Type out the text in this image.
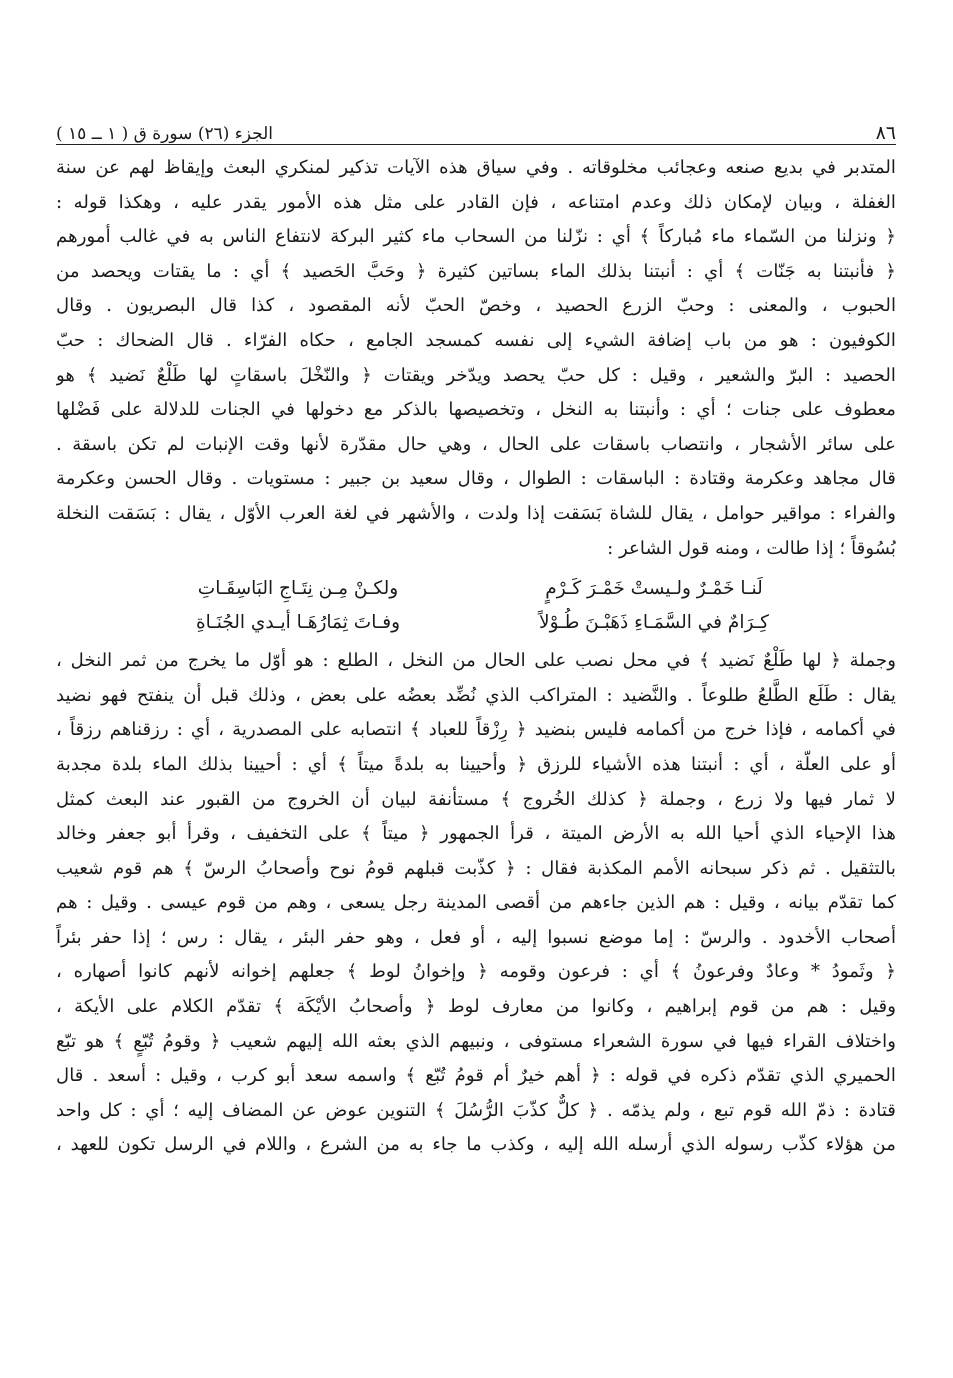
٨٦
الجزء (٢٦) سورة ق ( ١ ــ ١٥ )
المتدبر في بديع صنعه وعجائب مخلوقاته . وفي سياق هذه الآيات تذكير لمنكري البعث وإيقاظ لهم عن سنة
الغفلة ، وبيان لإمكان ذلك وعدم امتناعه ، فإن القادر على مثل هذه الأمور يقدر عليه ، وهكذا قوله :
﴿ ونزلنا من السّماء ماء مُباركاً ﴾ أي : نزّلنا من السحاب ماء كثير البركة لانتفاع الناس به في غالب أمورهم
﴿ فأنبتنا به جَنّات ﴾ أي : أنبتنا بذلك الماء بساتين كثيرة ﴿ وحَبَّ الحَصيد ﴾ أي : ما يقتات ويحصد من
الحبوب ، والمعنى : وحبّ الزرع الحصيد ، وخصّ الحبّ لأنه المقصود ، كذا قال البصريون . وقال
الكوفيون : هو من باب إضافة الشيء إلى نفسه كمسجد الجامع ، حكاه الفرّاء . قال الضحاك : حبّ
الحصيد : البرّ والشعير ، وقيل : كل حبّ يحصد ويدّخر ويقتات ﴿ والنّخْلَ باسقاتٍ لها طَلْعٌ نَضيد ﴾ هو
معطوف على جنات ؛ أي : وأنبتنا به النخل ، وتخصيصها بالذكر مع دخولها في الجنات للدلالة على فَضْلها
على سائر الأشجار ، وانتصاب باسقات على الحال ، وهي حال مقدّرة لأنها وقت الإنبات لم تكن باسقة .
قال مجاهد وعكرمة وقتادة : الباسقات : الطوال ، وقال سعيد بن جبير : مستويات . وقال الحسن وعكرمة
والفراء : مواقير حوامل ، يقال للشاة بَسَقت إذا ولدت ، والأشهر في لغة العرب الأوّل ، يقال : بَسَقت النخلة
بُسُوقاً ؛ إذا طالت ، ومنه قول الشاعر :
لَنـا خَمْـرٌ ولـيستْ خَمْـرَ كَـرْمٍ
ولكـنْ مِـن نِتَـاجِ البَاسِقَـاتِ
كِـرَامٌ في السَّمَـاءِ ذَهَبْـنَ طُـوْلاً
وفـاتَ ثِمَارُهَـا أيـدي الجُنَـاةِ
وجملة ﴿ لها طَلْعٌ نَضيد ﴾ في محل نصب على الحال من النخل ، الطلع : هو أوّل ما يخرج من ثمر النخل ،
يقال : طَلَع الطَّلعُ طلوعاً . والنَّضيد : المتراكب الذي نُضِّد بعضُه على بعض ، وذلك قبل أن ينفتح فهو نضيد
في أكمامه ، فإذا خرج من أكمامه فليس بنضيد ﴿ رِزْقاً للعباد ﴾ انتصابه على المصدرية ، أي : رزقناهم رزقاً ،
أو على العلّة ، أي : أنبتنا هذه الأشياء للرزق ﴿ وأحيينا به بلدةً ميتاً ﴾ أي : أحيينا بذلك الماء بلدة مجدبة
لا ثمار فيها ولا زرع ، وجملة ﴿ كذلك الخُروج ﴾ مستأنفة لبيان أن الخروج من القبور عند البعث كمثل
هذا الإحياء الذي أحيا الله به الأرض الميتة ، قرأ الجمهور ﴿ ميتاً ﴾ على التخفيف ، وقرأ أبو جعفر وخالد
بالتثقيل . ثم ذكر سبحانه الأمم المكذبة فقال : ﴿ كذّبت قبلهم قومُ نوح وأصحابُ الرسّ ﴾ هم قوم شعيب
كما تقدّم بيانه ، وقيل : هم الذين جاءهم من أقصى المدينة رجل يسعى ، وهم من قوم عيسى . وقيل : هم
أصحاب الأخدود . والرسّ : إما موضع نسبوا إليه ، أو فعل ، وهو حفر البئر ، يقال : رس ؛ إذا حفر بئراً
﴿ وثَمودُ * وعادٌ وفرعونُ ﴾ أي : فرعون وقومه ﴿ وإخوانُ لوط ﴾ جعلهم إخوانه لأنهم كانوا أصهاره ،
وقيل : هم من قوم إبراهيم ، وكانوا من معارف لوط ﴿ وأصحابُ الأيْكَة ﴾ تقدّم الكلام على الأيكة ،
واختلاف القراء فيها في سورة الشعراء مستوفى ، ونبيهم الذي بعثه الله إليهم شعيب ﴿ وقومُ تُبّعٍ ﴾ هو تبّع
الحميري الذي تقدّم ذكره في قوله : ﴿ أهم خيرٌ أم قومُ تُبّع ﴾ واسمه سعد أبو كرب ، وقيل : أسعد . قال
قتادة : ذمّ الله قوم تبع ، ولم يذمّه . ﴿ كلٌّ كذّبَ الرُّسُلَ ﴾ التنوين عوض عن المضاف إليه ؛ أي : كل واحد
من هؤلاء كذّب رسوله الذي أرسله الله إليه ، وكذب ما جاء به من الشرع ، واللام في الرسل تكون للعهد ،
